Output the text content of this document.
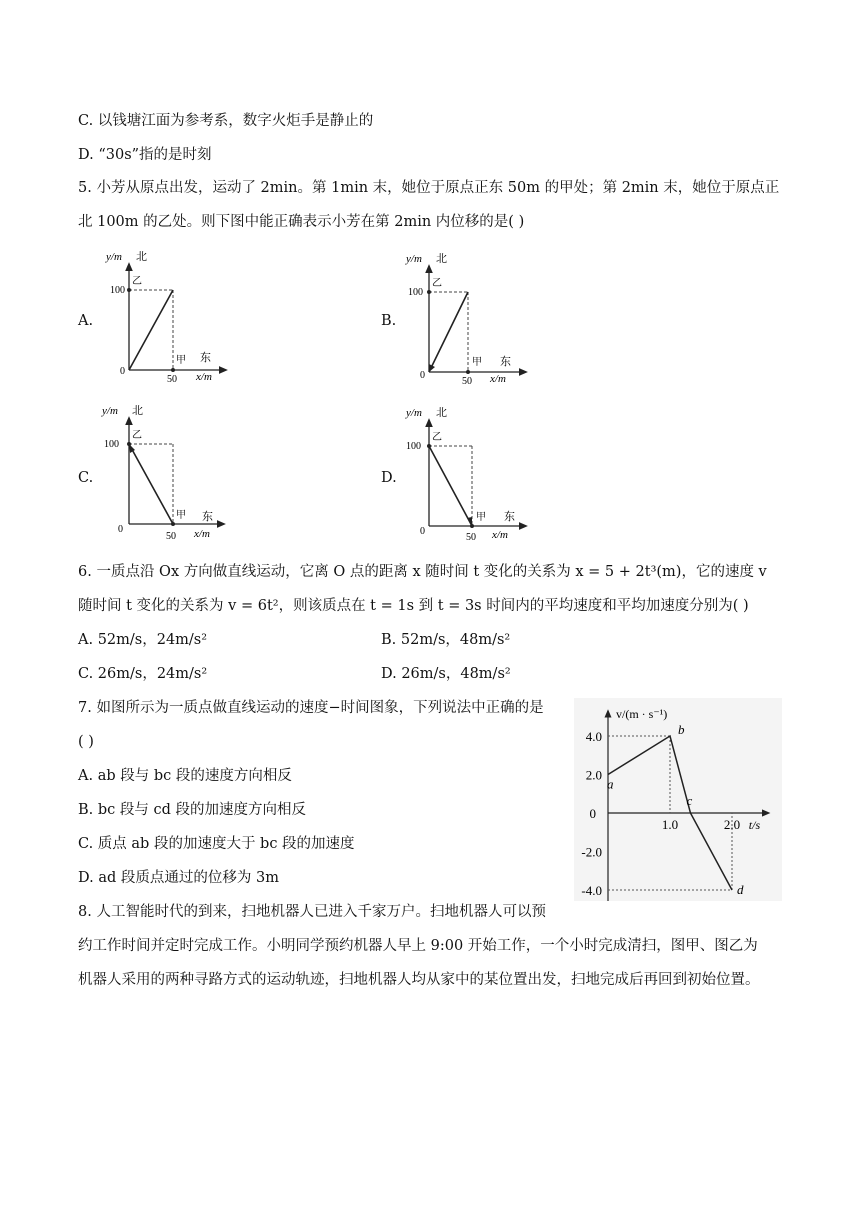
C. 以钱塘江面为参考系，数字火炬手是静止的
D. “30s”指的是时刻
5. 小芳从原点出发，运动了 2min。第 1min 末，她位于原点正东 50m 的甲处；第 2min 末，她位于原点正
北 100m 的乙处。则下图中能正确表示小芳在第 2min 内位移的是( )
A.	B.
C.	D.
y/m 北
乙
100
甲 东
0
50 x/m
y/m 北
乙
100
甲 东
0
50 x/m
y/m 北
乙
100
甲 东
0
50 x/m
y/m 北
乙
100
甲 东
0
50 x/m
6. 一质点沿 Ox 方向做直线运动，它离 O 点的距离 x 随时间 t 变化的关系为 x = 5 + 2t³(m)，它的速度 v
随时间 t 变化的关系为 v = 6t²，则该质点在 t = 1s 到 t = 3s 时间内的平均速度和平均加速度分别为( )
A. 52m/s，24m/s²	B. 52m/s，48m/s²
C. 26m/s，24m/s²	D. 26m/s，48m/s²
7. 如图所示为一质点做直线运动的速度−时间图象，下列说法中正确的是
( )
A. ab 段与 bc 段的速度方向相反
B. bc 段与 cd 段的加速度方向相反
C. 质点 ab 段的加速度大于 bc 段的加速度
D. ad 段质点通过的位移为 3m
a
b
c
d
4.0
2.0
-2.0
-4.0
0
1.0	2.0
v/(m · s⁻¹)
t/s
8. 人工智能时代的到来，扫地机器人已进入千家万户。扫地机器人可以预
约工作时间并定时完成工作。小明同学预约机器人早上 9:00 开始工作，一个小时完成清扫，图甲、图乙为
机器人采用的两种寻路方式的运动轨迹，扫地机器人均从家中的某位置出发，扫地完成后再回到初始位置。
